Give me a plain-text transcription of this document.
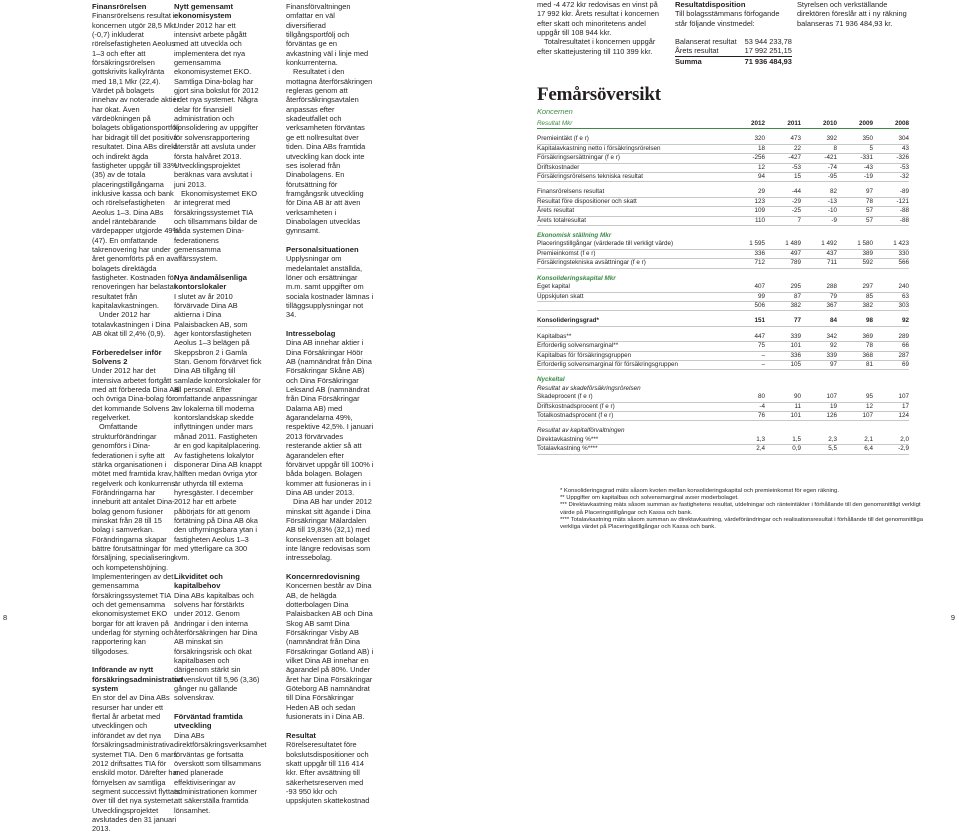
Finansrörelsen

Finansrörelsens resultat i koncernen utgör 28,5 Mkr (-0,7) inkluderat rörelsefastigheten Aeolus 1–3 och efter att försäkringsrörelsen gottskrivits kalkylränta med 18,1 Mkr (22,4). Värdet på bolagets innehav av noterade aktier har ökat. Även värdeökningen på bolagets obligationsportfölj har bidragit till det positiva resultatet. Dina ABs direkt och indirekt ägda fastigheter uppgår till 33% (35) av de totala placeringstillgångarna inklusive kassa och bank och rörelsefastigheten Aeolus 1–3. Dina ABs andel räntebärande värdepapper utgjorde 49% (47). En omfattande takrenovering har under året genomförts på en av bolagets direktägda fastigheter. Kostnaden för renoveringen har belastat resultatet från kapitalavkastningen.

Under 2012 har totalavkastningen i Dina AB ökat till 2,4% (0,9).

Förberedelser inför Solvens 2

Under 2012 har det intensiva arbetet fortgått med att förbereda Dina AB och övriga Dina-bolag för det kommande Solvens 2-regelverket.

Omfattande strukturförändringar genomförs i Dina-federationen i syfte att stärka organisationen i mötet med framtida krav, regelverk och konkurrens. Förändringarna har inneburit att antalet Dina-bolag genom fusioner minskat från 28 till 15 bolag i samverkan. Förändringarna skapar bättre förutsättningar för försäljning, specialisering och kompetenshöjning. Implementeringen av det gemensamma försäkringssystemet TIA och det gemensamma ekonomisystemet EKO borgar för att kraven på underlag för styrning och rapportering kan tillgodoses.

Införande av nytt försäkringsadministrativt system

En stor del av Dina ABs resurser har under ett flertal år arbetat med utvecklingen och införandet av det nya försäkringsadministrativa systemet TIA. Den 6 mars 2012 driftsattes TIA för enskild motor. Därefter har förnyelsen av samtliga segment successivt flyttats över till det nya systemet. Utvecklingsprojektet avslutades den 31 januari 2013.

Nytt gemensamt ekonomisystem

Under 2012 har ett intensivt arbete pågått med att utveckla och implementera det nya gemensamma ekonomisystemet EKO. Samtliga Dina-bolag har gjort sina bokslut för 2012 i det nya systemet. Några delar för finansiell administration och konsolidering av uppgifter för solvensrapportering återstår att avsluta under första halvåret 2013. Utvecklingsprojektet beräknas vara avslutat i juni 2013.

Ekonomisystemet EKO är integrerat med försäkringssystemet TIA och tillsammans bildar de båda systemen Dina-federationens gemensamma affärssystem.

Nya ändamålsenliga kontorslokaler

I slutet av år 2010 förvärvade Dina AB aktierna i Dina Palaisbacken AB, som äger kontorsfastigheten Aeolus 1–3 belägen på Skeppsbron 2 i Gamla Stan. Genom förvärvet fick Dina AB tillgång till samlade kontorslokaler för all personal. Efter omfattande anpassningar av lokalerna till moderna kontorslandskap skedde inflyttningen under mars månad 2011. Fastigheten är en god kapitalplacering. Av fastighetens lokalytor disponerar Dina AB knappt hälften medan övriga ytor är uthyrda till externa hyresgäster. I december 2012 har ett arbete påbörjats för att genom förtätning på Dina AB öka den uthyrningsbara ytan i fastigheten Aeolus 1–3 med ytterligare ca 300 kvm.

Likviditet och kapitalbehov

Dina ABs kapitalbas och solvens har förstärkts under 2012. Genom ändringar i den interna återförsäkringen har Dina AB minskat sin försäkringsrisk och ökat kapitalbasen och därigenom stärkt sin solvenskvot till 5,96 (3,36) gånger nu gällande solvenskrav.

Förväntad framtida utveckling

Dina ABs direktförsäkringsverksamhet förväntas ge fortsatta överskott som tillsammans med planerade effektiviseringar av administrationen kommer att säkerställa framtida lönsamhet.

Finansförvaltningen omfattar en väl diversifierad tillgångsportfölj och förväntas ge en avkastning väl i linje med konkurrenterna.

Resultatet i den mottagna återförsäkringen regleras genom att återförsäkringsavtalen anpassas efter skadeutfallet och verksamheten förväntas ge ett nollresultat över tiden. Dina ABs framtida utveckling kan dock inte ses isolerad från Dinabolagens. En förutsättning för framgångsrik utveckling för Dina AB är att även verksamheten i Dinabolagen utvecklas gynnsamt.

Personalsituationen

Upplysningar om medelantalet anställda, löner och ersättningar m.m. samt uppgifter om sociala kostnader lämnas i tilläggsupplysningar not 34.

Intressebolag

Dina AB innehar aktier i Dina Försäkringar Höör AB (namnändrat från Dina Försäkringar Skåne AB) och Dina Försäkringar Leksand AB (namnändrat från Dina Försäkringar Dalarna AB) med ägarandelarna 49%, respektive 42,5%. I januari 2013 förvärvades resterande aktier så att ägarandelen efter förvärvet uppgår till 100% i båda bolagen. Bolagen kommer att fusioneras in i Dina AB under 2013.

Dina AB har under 2012 minskat sitt ägande i Dina Försäkringar Mälardalen AB till 19,83% (32,1) med konsekvensen att bolaget inte längre redovisas som intressebolag.

Koncernredovisning

Koncernen består av Dina AB, de helägda dotterbolagen Dina Palaisbacken AB och Dina Skog AB samt Dina Försäkringar Visby AB (namnändrat från Dina Försäkringar Gotland AB) i vilket Dina AB innehar en ägarandel på 80%. Under året har Dina Försäkringar Göteborg AB namnändrat till Dina Försäkringar Heden AB och sedan fusionerats in i Dina AB.

Resultat

Rörelseresultatet före bokslutsdispositioner och skatt uppgår till 116 414 kkr. Efter avsättning till säkerhetsreserven med -93 950 kkr och uppskjuten skattekostnad

med -4 472 kkr redovisas en vinst på 17 992 kkr. Årets resultat i koncernen efter skatt och minoritetens andel uppgår till 108 944 kkr.

Totalresultatet i koncernen uppgår efter skattejustering till 110 399 kkr.

Femårsöversikt
Koncernen
Resultat Mkr	2012	2011	2010	2009	2008

Premieintäkt (f e r)	320	473	392	350	304
Kapitalavkastning netto i försäkringsrörelsen	18	22	8	5	43
Försäkringsersättningar (f e r)	-256	-427	-421	-331	-326
Driftskostnader	12	-53	-74	-43	-53
Försäkringsrörelsens tekniska resultat	94	15	-95	-19	-32

Finansrörelsens resultat	29	-44	82	97	-89
Resultat före dispositioner och skatt	123	-29	-13	78	-121
Årets resultat	109	-25	-10	57	-88
Årets totalresultat	110	7	-9	57	-88

Ekonomisk ställning Mkr					
Placeringstillgångar (värderade till verkligt värde)	1 595	1 489	1 492	1 580	1 423
Premieinkomst (f e r)	336	497	437	389	330
Försäkringstekniska avsättningar (f e r)	712	789	711	592	566

Konsolideringskapital Mkr					
Eget kapital	407	295	288	297	240
Uppskjuten skatt	99	87	79	85	63
	506	382	367	382	303

Konsolideringsgrad*	151	77	84	98	92

Kapitalbas**	447	339	342	369	289
Erforderlig solvensmarginal**	75	101	92	78	66
Kapitalbas för försäkringsgruppen	–	336	339	368	287
Erforderlig solvensmarginal för försäkringsgruppen	–	105	97	81	69

Nyckeltal					
Resultat av skadeförsäkringsrörelsen					
Skadeprocent (f e r)	80	90	107	95	107
Driftskostnadsprocent (f e r)	-4	11	19	12	17
Totalkostnadsprocent (f e r)	76	101	126	107	124

Resultat av kapitalförvaltningen					
Direktavkastning %***	1,3	1,5	2,3	2,1	2,0
Totalavkastning %****	2,4	0,9	5,5	6,4	-2,9
* Konsolideringsgrad mäts såsom kvoten mellan konsolideringskapital och premieinkomst för egen räkning.
** Uppgifter om kapitalbas och solvensmarginal avser moderbolaget.
*** Direktavkastning mäts såsom summan av fastighetens resultat, utdelningar och ränteintäkter i förhållande till den genomsnittligt verkligt värde på Placeringstillgångar och Kassa och bank.
**** Totalavkastning mäts såsom summan av direktavkastning, värdeförändringar och realisationsresultat i förhållande till det genomsnittliga verkliga värdet på Placeringstillgångar och Kassa och bank.
Resultatdisposition

Till bolagsstämmans förfogande står följande vinstmedel:

Balanserat resultat	53 944 233,78
Årets resultat	17 992 251,15
Summa	71 936 484,93

Styrelsen och verkställande direktören föreslår att i ny räkning balanseras 71 936 484,93 kr.

8	9
